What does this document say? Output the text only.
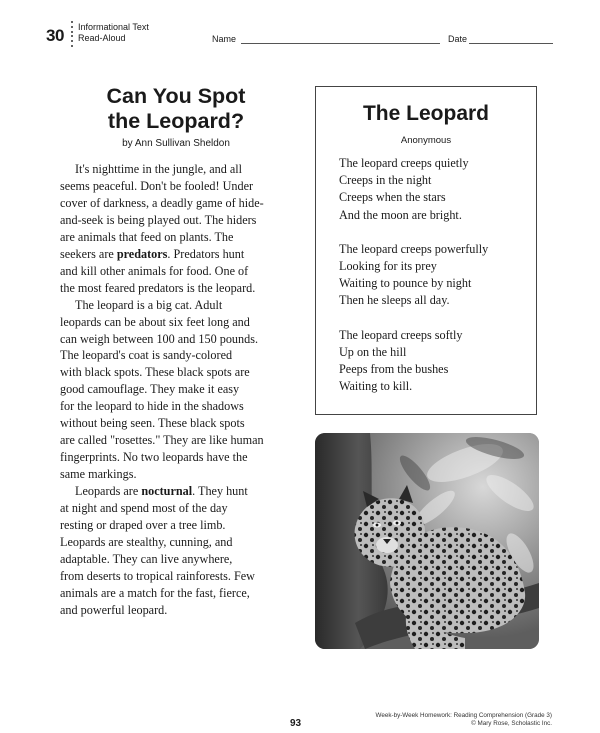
30 Informational Text
Read-Aloud	Name	Date
Can You Spot
the Leopard?
by Ann Sullivan Sheldon
It's nighttime in the jungle, and all
seems peaceful. Don't be fooled! Under
cover of darkness, a deadly game of hide-
and-seek is being played out. The hiders
are animals that feed on plants. The
seekers are predators. Predators hunt
and kill other animals for food. One of
the most feared predators is the leopard.
The leopard is a big cat. Adult
leopards can be about six feet long and
can weigh between 100 and 150 pounds.
The leopard's coat is sandy-colored
with black spots. These black spots are
good camouflage. They make it easy
for the leopard to hide in the shadows
without being seen. These black spots
are called "rosettes." They are like human
fingerprints. No two leopards have the
same markings.
Leopards are nocturnal. They hunt
at night and spend most of the day
resting or draped over a tree limb.
Leopards are stealthy, cunning, and
adaptable. They can live anywhere,
from deserts to tropical rainforests. Few
animals are a match for the fast, fierce,
and powerful leopard.
The Leopard
Anonymous
The leopard creeps quietly
Creeps in the night
Creeps when the stars
And the moon are bright.
The leopard creeps powerfully
Looking for its prey
Waiting to pounce by night
Then he sleeps all day.
The leopard creeps softly
Up on the hill
Peeps from the bushes
Waiting to kill.
93
Week-by-Week Homework: Reading Comprehension (Grade 3)
© Mary Rose, Scholastic Inc.
